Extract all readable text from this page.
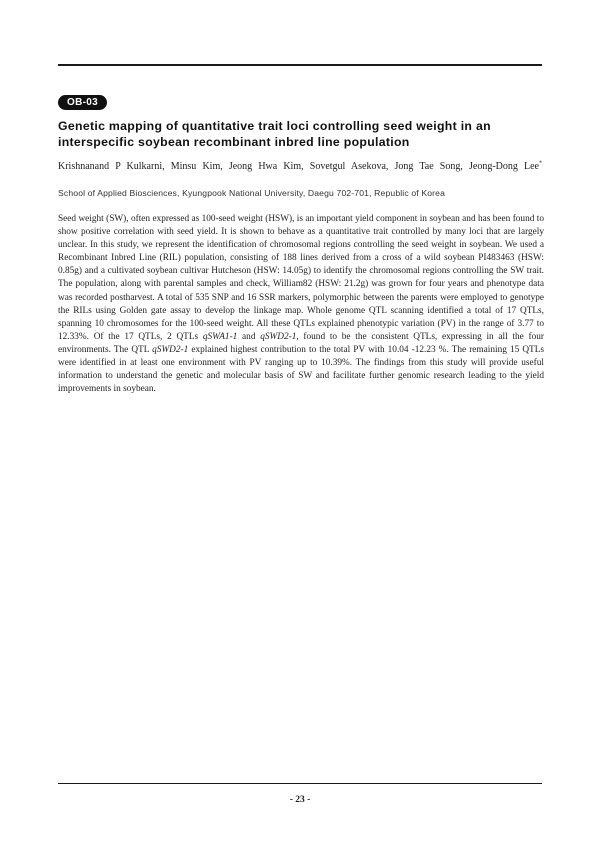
OB-03
Genetic mapping of quantitative trait loci controlling seed weight in an interspecific soybean recombinant inbred line population
Krishnanand P Kulkarni, Minsu Kim, Jeong Hwa Kim, Sovetgul Asekova, Jong Tae Song, Jeong-Dong Lee*
School of Applied Biosciences, Kyungpook National University, Daegu 702-701, Republic of Korea

Seed weight (SW), often expressed as 100-seed weight (HSW), is an important yield component in soybean and has been found to show positive correlation with seed yield. It is shown to behave as a quantitative trait controlled by many loci that are largely unclear. In this study, we represent the identification of chromosomal regions controlling the seed weight in soybean. We used a Recombinant Inbred Line (RIL) population, consisting of 188 lines derived from a cross of a wild soybean PI483463 (HSW: 0.85g) and a cultivated soybean cultivar Hutcheson (HSW: 14.05g) to identify the chromosomal regions controlling the SW trait. The population, along with parental samples and check, William82 (HSW: 21.2g) was grown for four years and phenotype data was recorded postharvest. A total of 535 SNP and 16 SSR markers, polymorphic between the parents were employed to genotype the RILs using Golden gate assay to develop the linkage map. Whole genome QTL scanning identified a total of 17 QTLs, spanning 10 chromosomes for the 100-seed weight. All these QTLs explained phenotypic variation (PV) in the range of 3.77 to 12.33%. Of the 17 QTLs, 2 QTLs qSWA1-1 and qSWD2-1, found to be the consistent QTLs, expressing in all the four environments. The QTL qSWD2-1 explained highest contribution to the total PV with 10.04 -12.23 %. The remaining 15 QTLs were identified in at least one environment with PV ranging up to 10.39%. The findings from this study will provide useful information to understand the genetic and molecular basis of SW and facilitate further genomic research leading to the yield improvements in soybean.

- 23 -
